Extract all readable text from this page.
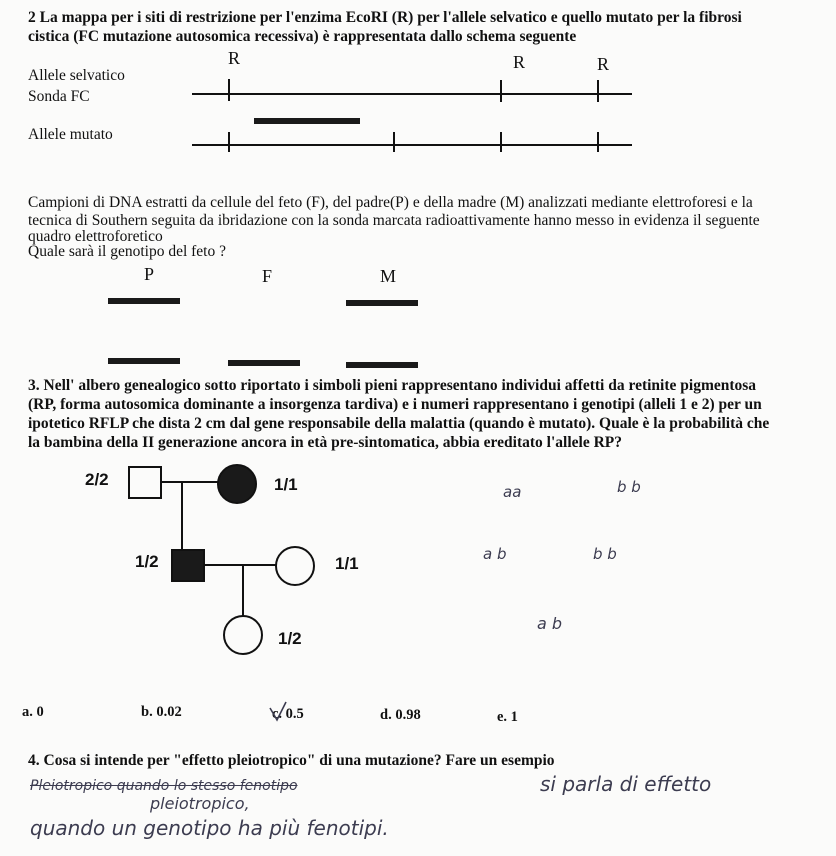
2 La mappa per i siti di restrizione per l'enzima EcoRI (R) per l'allele selvatico e quello mutato per la fibrosi
cistica (FC mutazione autosomica recessiva) è rappresentata dallo schema seguente
Allele selvatico
Sonda FC
Allele mutato
R	R	R
Campioni di DNA estratti da cellule del feto (F), del padre(P) e della madre (M) analizzati mediante elettroforesi e la
tecnica di Southern seguita da ibridazione con la sonda marcata radioattivamente hanno messo in evidenza il seguente
quadro elettroforetico
Quale sarà il genotipo del feto ?
P	F	M
3. Nell' albero genealogico sotto riportato i simboli pieni rappresentano individui affetti da retinite pigmentosa
(RP, forma autosomica dominante a insorgenza tardiva) e i numeri rappresentano i genotipi (alleli 1 e 2) per un
ipotetico RFLP che dista 2 cm dal gene responsabile della malattia (quando è mutato). Quale è la probabilità che
la bambina della II generazione ancora in età pre-sintomatica, abbia ereditato l'allele RP?
2/2	1/1
1/2	1/1
1/2
aa	b b
a b	b b
a b
a. 0	b. 0.02	c. 0.5	d. 0.98	e. 1
4. Cosa si intende per "effetto pleiotropico" di una mutazione? Fare un esempio
Pleiotropico quando lo stesso fenotipo	si parla di effetto
pleiotropico,
quando un genotipo ha più fenotipi.
